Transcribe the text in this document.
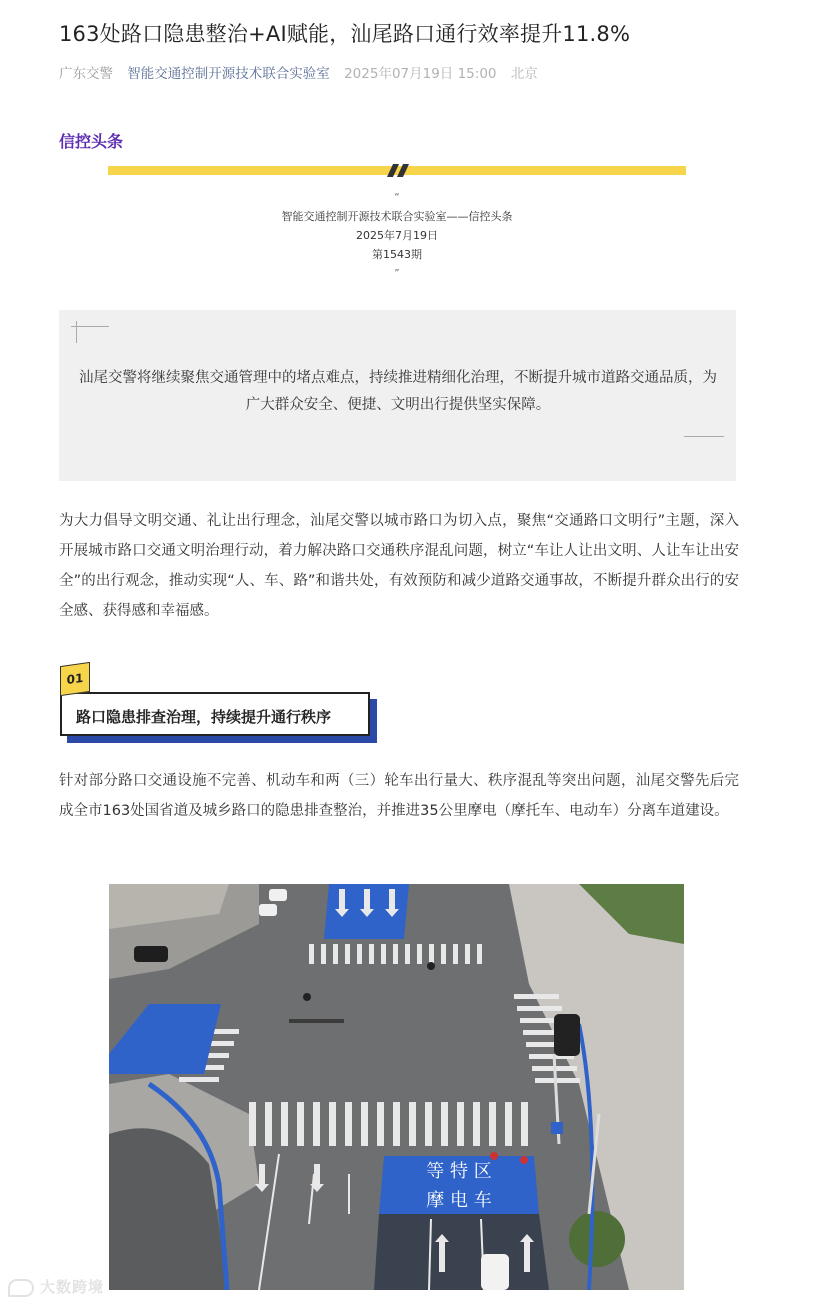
163处路口隐患整治+AI赋能，汕尾路口通行效率提升11.8%
广东交警 智能交通控制开源技术联合实验室 2025年07月19日 15:00 北京
信控头条
“
智能交通控制开源技术联合实验室——信控头条
2025年7月19日
第1543期
”
汕尾交警将继续聚焦交通管理中的堵点难点，持续推进精细化治理，不断提升城市道路交通品质，为广大群众安全、便捷、文明出行提供坚实保障。
为大力倡导文明交通、礼让出行理念，汕尾交警以城市路口为切入点，聚焦“交通路口文明行”主题，深入开展城市路口交通文明治理行动，着力解决路口交通秩序混乱问题，树立“车让人让出文明、人让车让出安全”的出行观念，推动实现“人、车、路”和谐共处，有效预防和减少道路交通事故，不断提升群众出行的安全感、获得感和幸福感。
路口隐患排查治理，持续提升通行秩序
01
针对部分路口交通设施不完善、机动车和两（三）轮车出行量大、秩序混乱等突出问题，汕尾交警先后完成全市163处国省道及城乡路口的隐患排查整治，并推进35公里摩电（摩托车、电动车）分离车道建设。
等 特 区
摩 电 车
大数跨境
